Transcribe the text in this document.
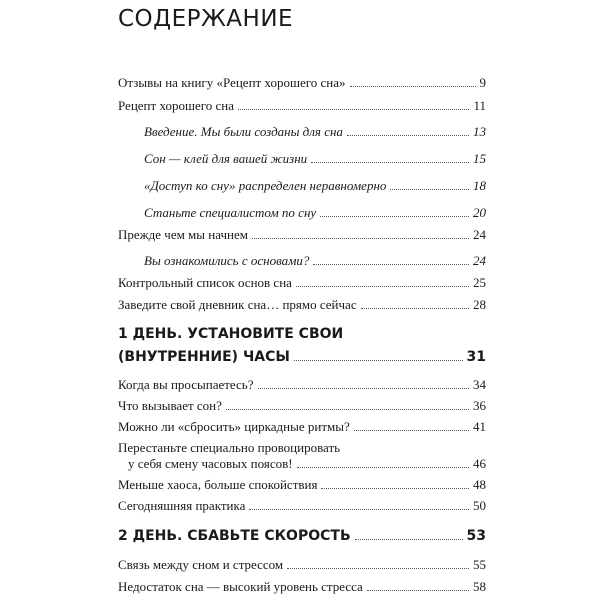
СОДЕРЖАНИЕ
Отзывы на книгу «Рецепт хорошего сна»	9
Рецепт хорошего сна	11
Введение. Мы были созданы для сна	13
Сон — клей для вашей жизни	15
«Доступ ко сну» распределен неравномерно	18
Станьте специалистом по сну	20
Прежде чем мы начнем	24
Вы ознакомились с основами?	24
Контрольный список основ сна	25
Заведите свой дневник сна… прямо сейчас	28
1 ДЕНЬ. УСТАНОВИТЕ СВОИ
(ВНУТРЕННИЕ) ЧАСЫ	31
Когда вы просыпаетесь?	34
Что вызывает сон?	36
Можно ли «сбросить» циркадные ритмы?	41
Перестаньте специально провоцировать
у себя смену часовых поясов!	46
Меньше хаоса, больше спокойствия	48
Сегодняшняя практика	50
2 ДЕНЬ. СБАВЬТЕ СКОРОСТЬ	53
Связь между сном и стрессом	55
Недостаток сна — высокий уровень стресса	58
